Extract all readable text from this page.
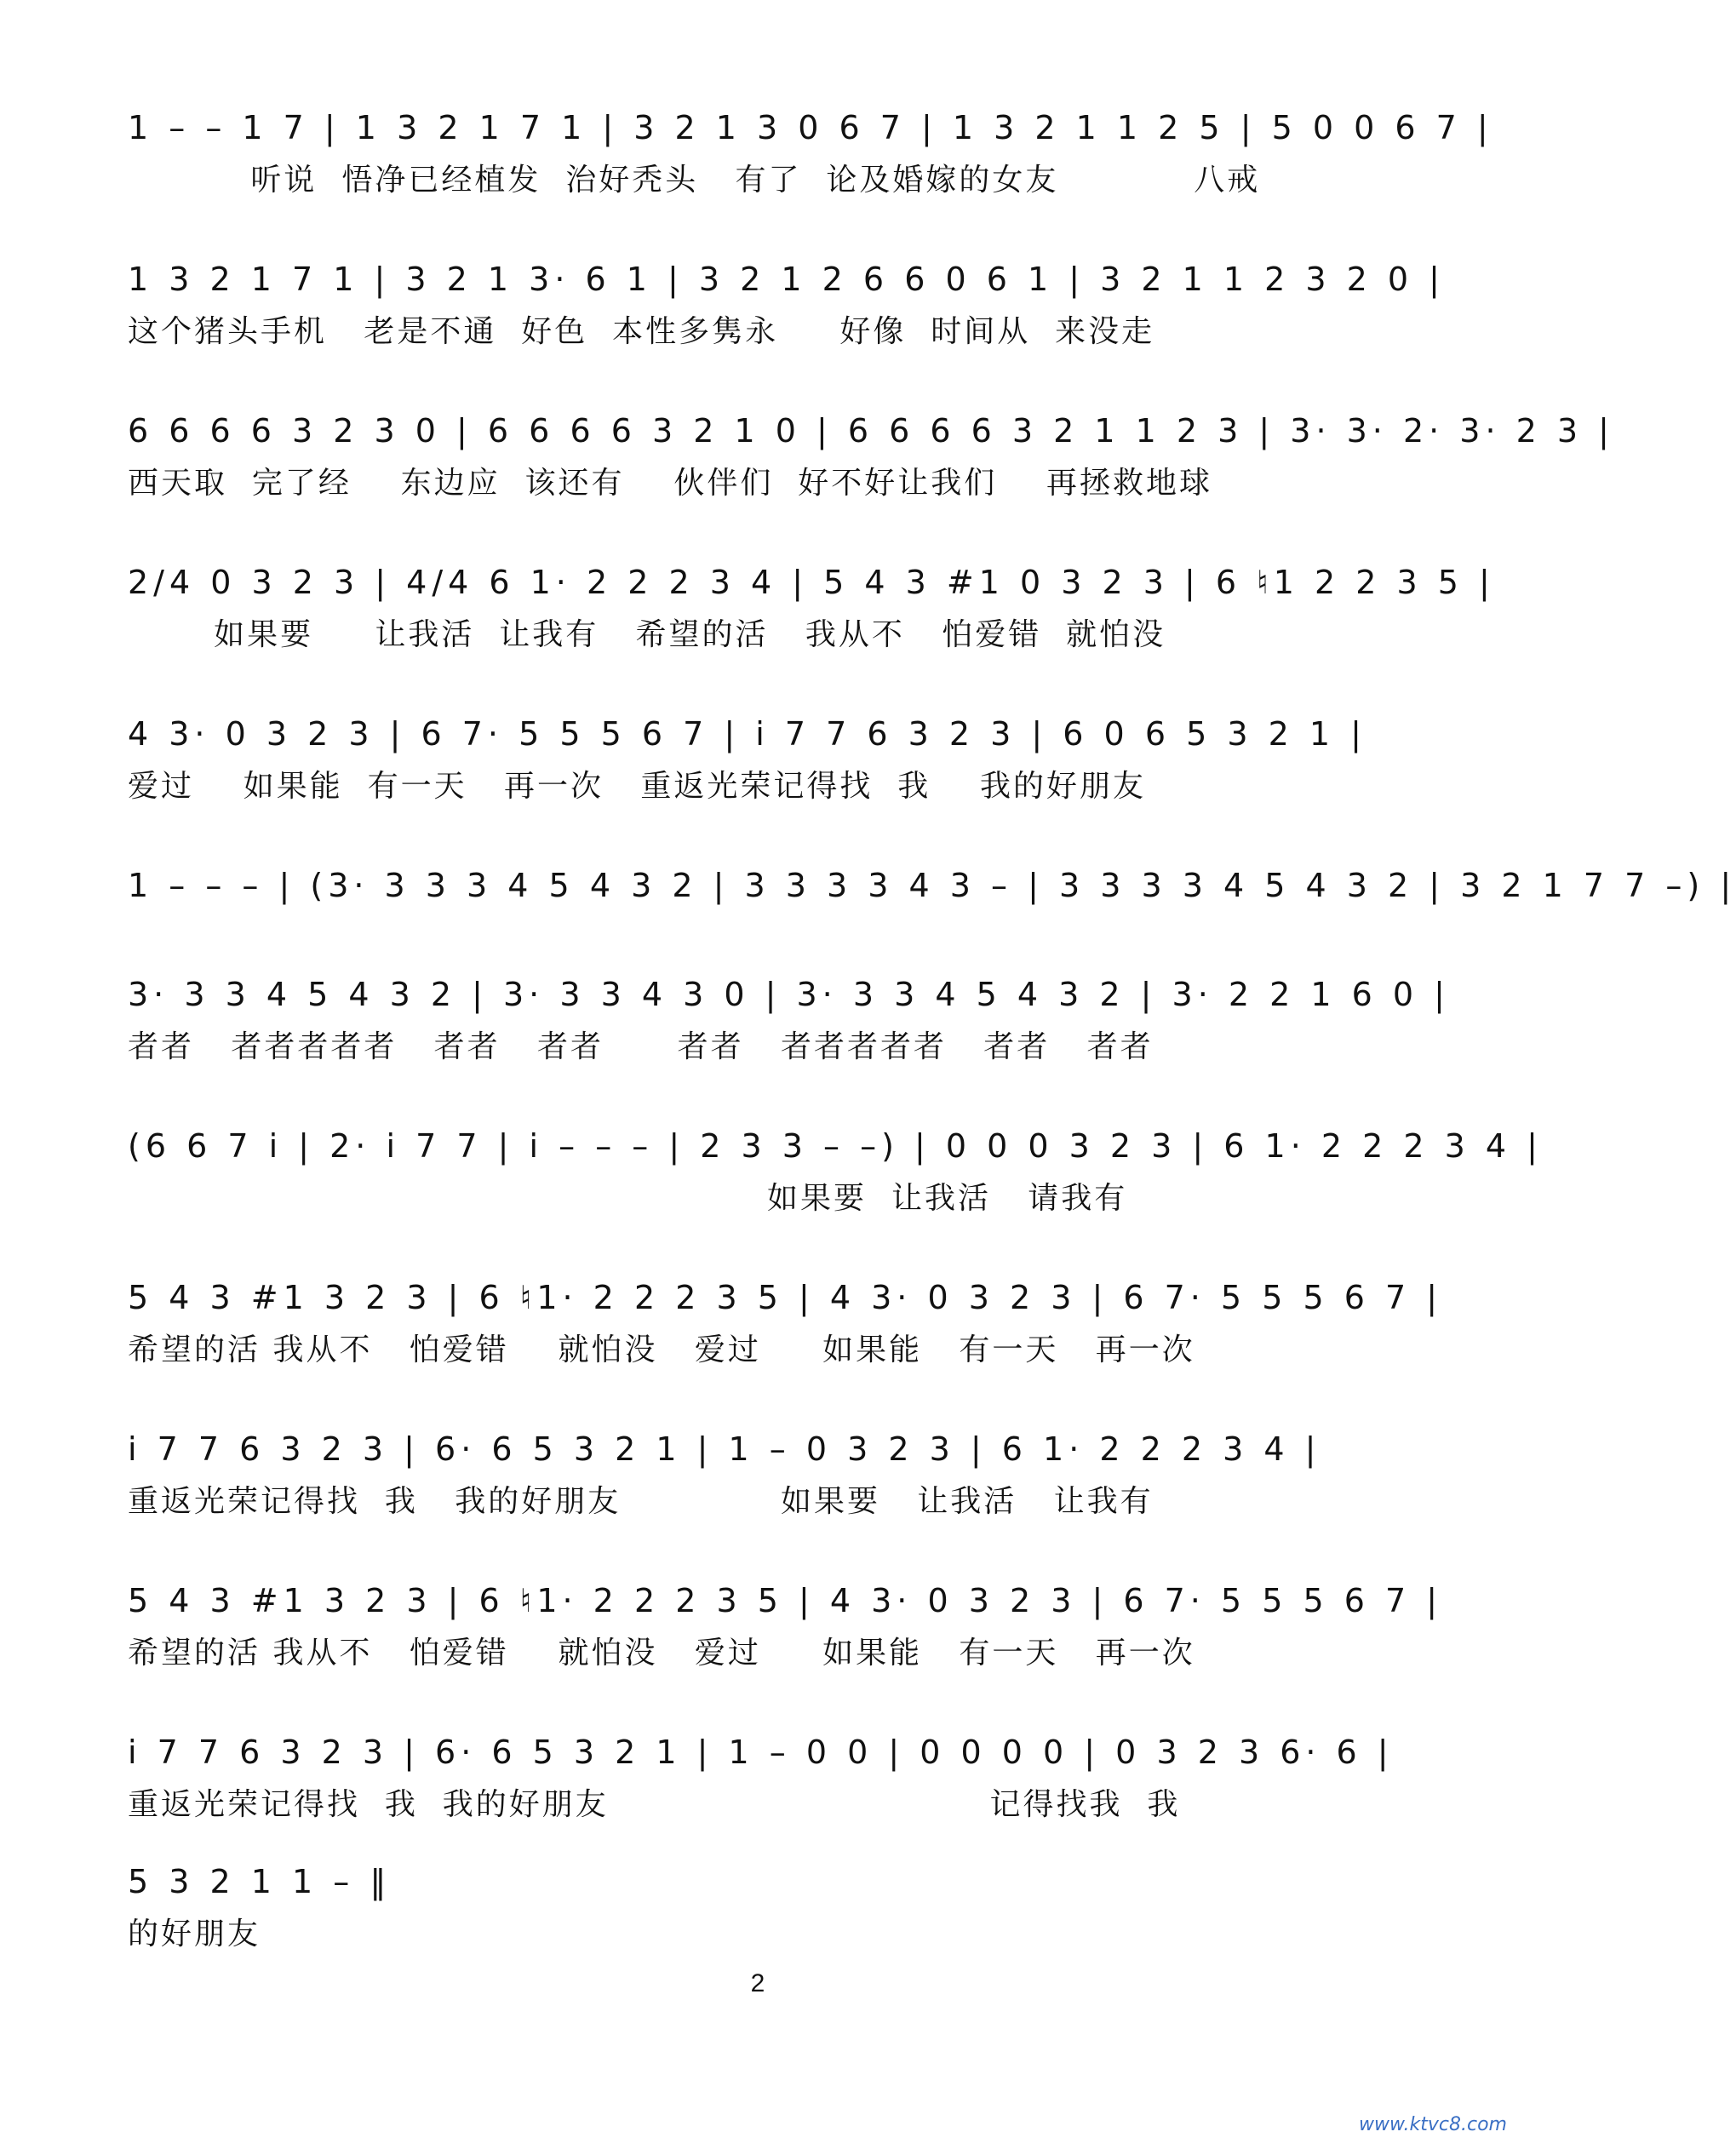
1 – – 1 7 | 1 3 2 1 7 1 | 3 2 1 3 0 6 7 | 1 3 2 1 1 2 5 | 5 0 0 6 7 |
听说  悟净已经植发  治好秃头   有了  论及婚嫁的女友           八戒
1 3 2 1 7 1 | 3 2 1 3· 6 1 | 3 2 1 2 6 6 0 6 1 | 3 2 1 1 2 3 2 0 |
这个猪头手机   老是不通  好色  本性多隽永     好像  时间从  来没走
6 6 6 6 3 2 3 0 | 6 6 6 6 3 2 1 0 | 6 6 6 6 3 2 1 1 2 3 | 3· 3· 2· 3· 2 3 |
西天取  完了经    东边应  该还有    伙伴们  好不好让我们    再拯救地球
2/4 0 3 2 3 | 4/4 6 1· 2 2 2 3 4 | 5 4 3 #1 0 3 2 3 | 6 ♮1 2 2 3 5 |
如果要     让我活  让我有   希望的活   我从不   怕爱错  就怕没
4 3· 0 3 2 3 | 6 7· 5 5 5 6 7 | i 7 7 6 3 2 3 | 6 0 6 5 3 2 1 |
爱过    如果能  有一天   再一次   重返光荣记得找  我    我的好朋友
1 – – – | (3· 3 3 3 4 5 4 3 2 | 3 3 3 3 4 3 – | 3 3 3 3 4 5 4 3 2 | 3 2 1 7 7 –) |
3· 3 3 4 5 4 3 2 | 3· 3 3 4 3 0 | 3· 3 3 4 5 4 3 2 | 3· 2 2 1 6 0 |
者者   者者者者者   者者   者者      者者   者者者者者   者者   者者
(6 6 7 i | 2· i 7 7 | i – – – | 2 3 3 – –) | 0 0 0 3 2 3 | 6 1· 2 2 2 3 4 |
如果要  让我活   请我有
5 4 3 #1 3 2 3 | 6 ♮1· 2 2 2 3 5 | 4 3· 0 3 2 3 | 6 7· 5 5 5 6 7 |
希望的活 我从不   怕爱错    就怕没   爱过     如果能   有一天   再一次
i 7 7 6 3 2 3 | 6· 6 5 3 2 1 | 1 – 0 3 2 3 | 6 1· 2 2 2 3 4 |
重返光荣记得找  我   我的好朋友             如果要   让我活   让我有
5 4 3 #1 3 2 3 | 6 ♮1· 2 2 2 3 5 | 4 3· 0 3 2 3 | 6 7· 5 5 5 6 7 |
希望的活 我从不   怕爱错    就怕没   爱过     如果能   有一天   再一次
i 7 7 6 3 2 3 | 6· 6 5 3 2 1 | 1 – 0 0 | 0 0 0 0 | 0 3 2 3 6· 6 |
重返光荣记得找  我  我的好朋友                               记得找我  我
5 3 2 1 1 – ‖
的好朋友
2
www.ktvc8.com
